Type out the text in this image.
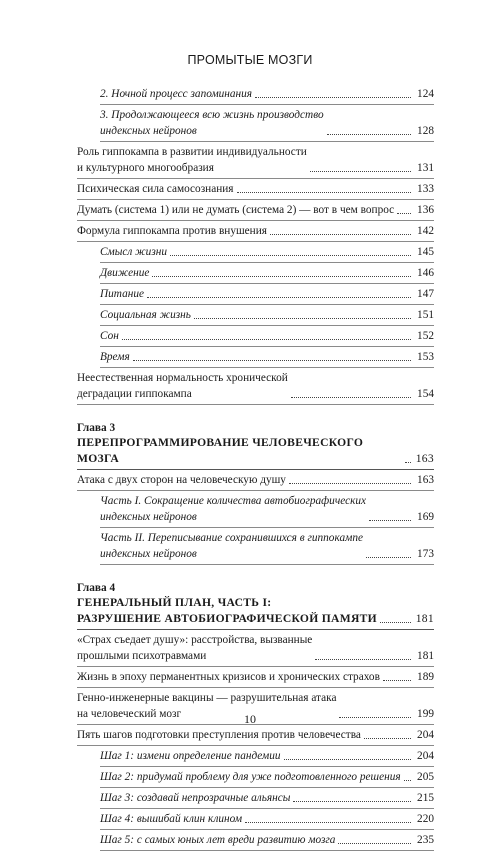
ПРОМЫТЫЕ МОЗГИ
2. Ночной процесс запоминания	124
3. Продолжающееся всю жизнь производство
индексных нейронов	128
Роль гиппокампа в развитии индивидуальности
и культурного многообразия	131
Психическая сила самосознания	133
Думать (система 1) или не думать (система 2) — вот в чем вопрос 136
Формула гиппокампа против внушения	142
Смысл жизни	145
Движение	146
Питание	147
Социальная жизнь	151
Сон	152
Время	153
Неестественная нормальность хронической
деградации гиппокампа	154
Глава 3
ПЕРЕПРОГРАММИРОВАНИЕ ЧЕЛОВЕЧЕСКОГО МОЗГА	163
Атака с двух сторон на человеческую душу	163
Часть I. Сокращение количества автобиографических
индексных нейронов	169
Часть II. Переписывание сохранившихся в гиппокампе
индексных нейронов	173
Глава 4
ГЕНЕРАЛЬНЫЙ ПЛАН, ЧАСТЬ I:
РАЗРУШЕНИЕ АВТОБИОГРАФИЧЕСКОЙ ПАМЯТИ	181
«Страх съедает душу»: расстройства, вызванные
прошлыми психотравмами	181
Жизнь в эпоху перманентных кризисов и хронических страхов	189
Генно-инженерные вакцины — разрушительная атака
на человеческий мозг	199
Пять шагов подготовки преступления против человечества	204
Шаг 1: измени определение пандемии	204
Шаг 2: придумай проблему для уже подготовленного решения 205
Шаг 3: создавай непрозрачные альянсы	215
Шаг 4: вышибай клин клином	220
Шаг 5: с самых юных лет вреди развитию мозга	235
10
